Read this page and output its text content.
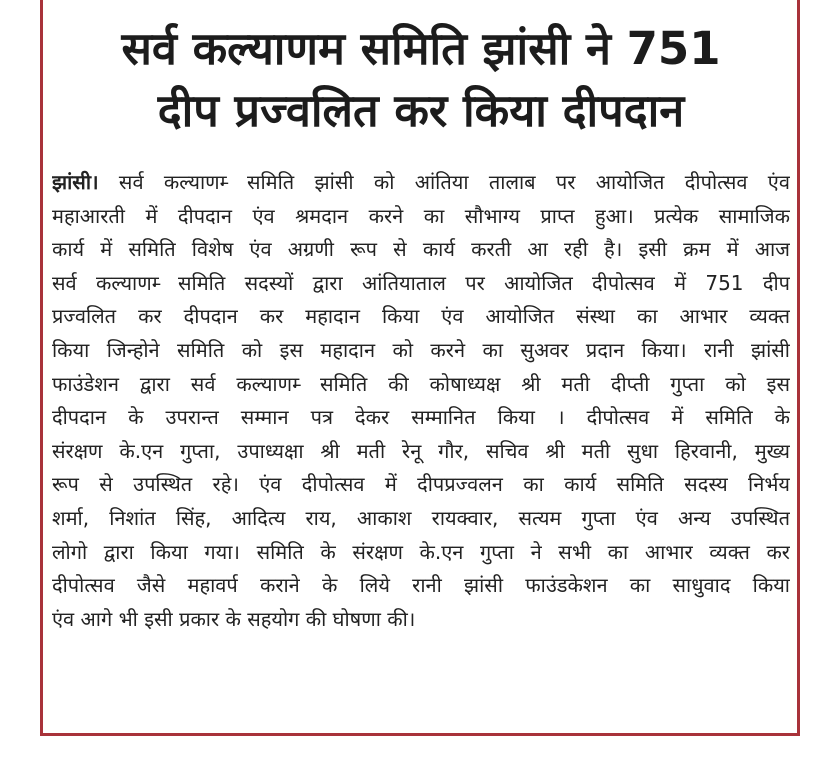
सर्व कल्याणम समिति झांसी ने 751
दीप प्रज्वलित कर किया दीपदान
झांसी। सर्व कल्याणम्‍ समिति झांसी को आंतिया तालाब पर आयोजित दीपोत्सव एंव
महाआरती में दीपदान एंव श्रमदान करने का सौभाग्य प्राप्त हुआ। प्रत्येक सामाजिक
कार्य में समिति विशेष एंव अग्रणी रूप से कार्य करती आ रही है। इसी क्रम में आज
सर्व कल्याणम्‍ समिति सदस्यों द्वारा आंतियाताल पर आयोजित दीपोत्सव में 751 दीप
प्रज्वलित कर दीपदान कर महादान किया एंव आयोजित संस्था का आभार व्यक्त
किया जिन्होने समिति को इस महादान को करने का सुअवर प्रदान किया। रानी झांसी
फाउंडेशन द्वारा सर्व कल्याणम्‍ समिति की कोषाध्यक्ष श्री मती दीप्ती गुप्ता को इस
दीपदान के उपरान्त सम्मान पत्र देकर सम्मानित किया । दीपोत्सव में समिति के
संरक्षण के.एन गुप्ता, उपाध्यक्षा श्री मती रेनू गौर, सचिव श्री मती सुधा हिरवानी, मुख्य
रूप से उपस्थित रहे। एंव दीपोत्सव में दीपप्रज्वलन का कार्य समिति सदस्य निर्भय
शर्मा, निशांत सिंह, आदित्य राय, आकाश रायक्वार, सत्यम गुप्ता एंव अन्य उपस्थित
लोगो द्वारा किया गया। समिति के संरक्षण के.एन गुप्ता ने सभी का आभार व्यक्त कर
दीपोत्सव जैसे महावर्प कराने के लिये रानी झांसी फाउंडकेशन का साधुवाद किया
एंव आगे भी इसी प्रकार के सहयोग की घोषणा की।
